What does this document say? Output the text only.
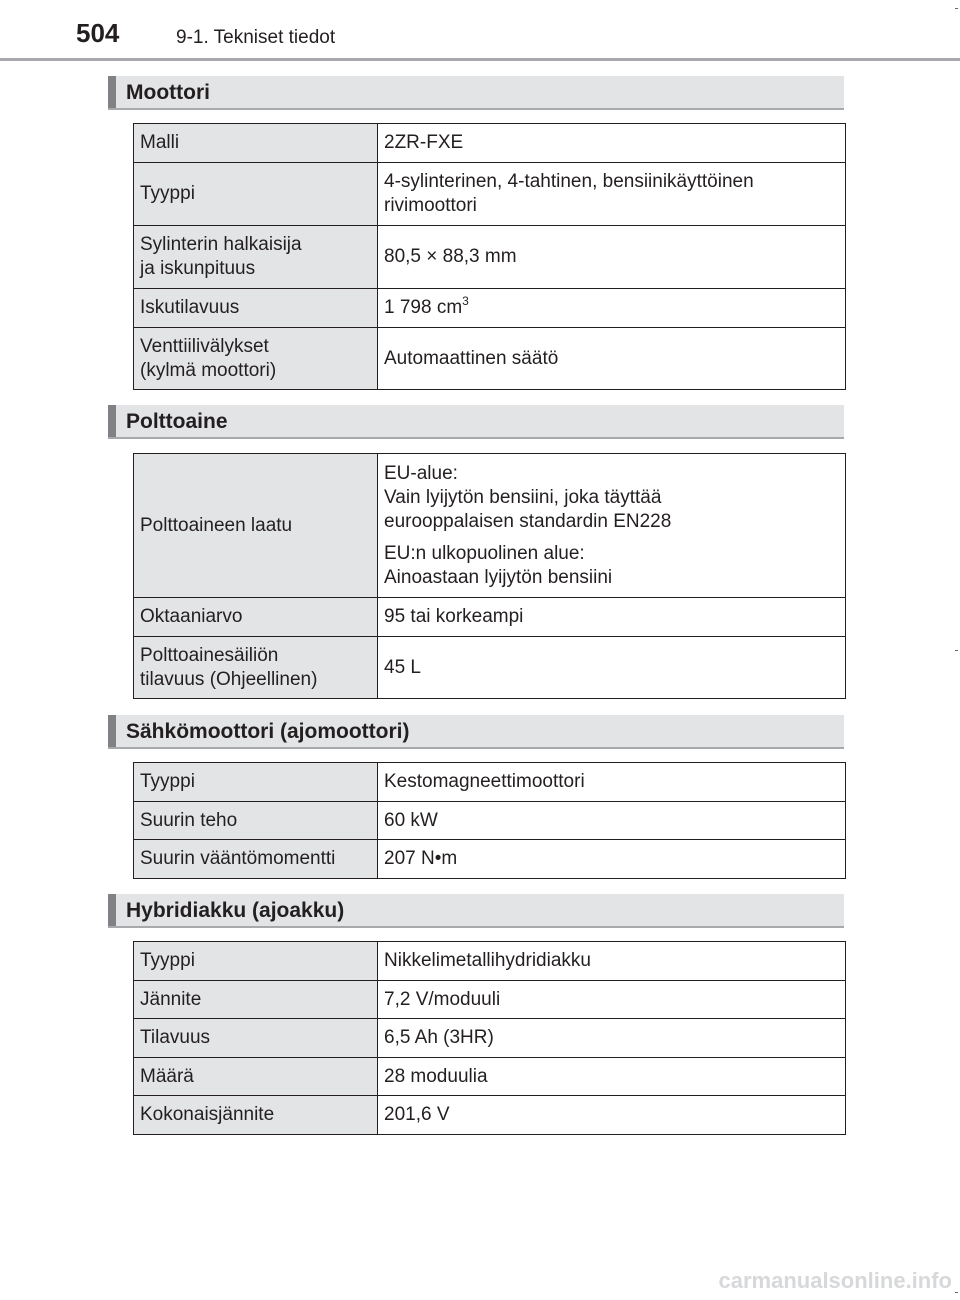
504	9-1. Tekniset tiedot
Moottori
Malli	2ZR-FXE

Tyyppi	4-sylinterinen, 4-tahtinen, bensiinikäyttöinen
rivimoottori

Sylinterin halkaisija
ja iskunpituus	80,5 × 88,3 mm

Iskutilavuus	1 798 $cm^3$

Venttiilivälykset
(kylmä moottori)	Automaattinen säätö
Polttoaine
Polttoaineen laatu	EU-alue:
Vain lyijytön bensiini, joka täyttää
eurooppalaisen standardin EN228
EU:n ulkopuolinen alue:
Ainoastaan lyijytön bensiini

Oktaaniarvo	95 tai korkeampi

Polttoainesäiliön
tilavuus (Ohjeellinen)	45 L
Sähkömoottori (ajomoottori)
Tyyppi	Kestomagneettimoottori

Suurin teho	60 kW

Suurin vääntömomentti	207 N•m
Hybridiakku (ajoakku)
Tyyppi	Nikkelimetallihydridiakku

Jännite	7,2 V/moduuli

Tilavuus	6,5 Ah (3HR)

Määrä	28 moduulia

Kokonaisjännite	201,6 V
carmanualsonline.info
